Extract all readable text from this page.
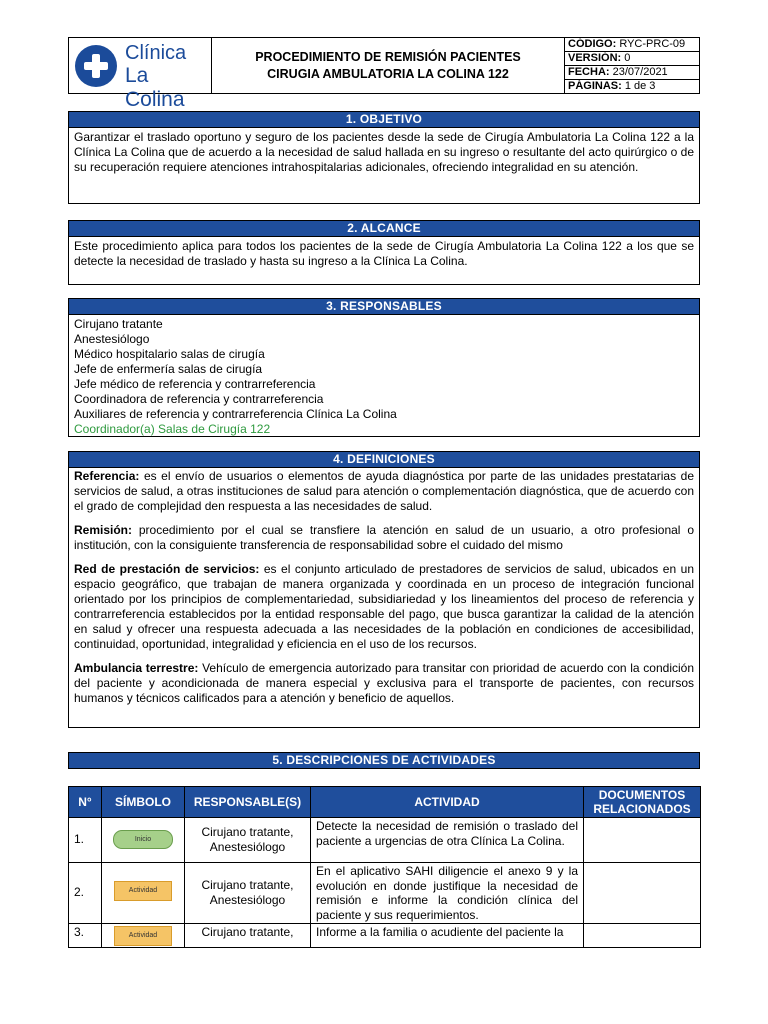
Clínica
La Colina
PROCEDIMIENTO DE REMISIÓN PACIENTES
CIRUGIA AMBULATORIA LA COLINA 122
CÓDIGO: RYC-PRC-09
VERSIÓN: 0
FECHA: 23/07/2021
PÁGINAS: 1 de 3
1. OBJETIVO
Garantizar el traslado oportuno y seguro de los pacientes desde la sede de Cirugía Ambulatoria La Colina 122 a la Clínica La Colina que de acuerdo a la necesidad de salud hallada en su ingreso o resultante del acto quirúrgico o de su recuperación requiere atenciones intrahospitalarias adicionales, ofreciendo integralidad en su atención.
2. ALCANCE
Este procedimiento aplica para todos los pacientes de la sede de Cirugía Ambulatoria La Colina 122 a los que se detecte la necesidad de traslado y hasta su ingreso a la Clínica La Colina.
3. RESPONSABLES
Cirujano tratante
Anestesiólogo
Médico hospitalario salas de cirugía
Jefe de enfermería salas de cirugía
Jefe médico de referencia y contrarreferencia
Coordinadora de referencia y contrarreferencia
Auxiliares de referencia y contrarreferencia Clínica La Colina
Coordinador(a) Salas de Cirugía 122
4. DEFINICIONES

Referencia: es el envío de usuarios o elementos de ayuda diagnóstica por parte de las unidades prestatarias de servicios de salud, a otras instituciones de salud para atención o complementación diagnóstica, que de acuerdo con el grado de complejidad den respuesta a las necesidades de salud.

Remisión: procedimiento por el cual se transfiere la atención en salud de un usuario, a otro profesional o institución, con la consiguiente transferencia de responsabilidad sobre el cuidado del mismo

Red de prestación de servicios: es el conjunto articulado de prestadores de servicios de salud, ubicados en un espacio geográfico, que trabajan de manera organizada y coordinada en un proceso de integración funcional orientado por los principios de complementariedad, subsidiariedad y los lineamientos del proceso de referencia y contrarreferencia establecidos por la entidad responsable del pago, que busca garantizar la calidad de la atención en salud y ofrecer una respuesta adecuada a las necesidades de la población en condiciones de accesibilidad, continuidad, oportunidad, integralidad y eficiencia en el uso de los recursos.

Ambulancia terrestre: Vehículo de emergencia autorizado para transitar con prioridad de acuerdo con la condición del paciente y acondicionada de manera especial y exclusiva para el transporte de pacientes, con recursos humanos y técnicos calificados para a atención y beneficio de aquellos.

5. DESCRIPCIONES DE ACTIVIDADES
N°	SÍMBOLO	RESPONSABLE(S)	ACTIVIDAD	DOCUMENTOS RELACIONADOS
1.	Inicio	Cirujano tratante, Anestesiólogo	Detecte la necesidad de remisión o traslado del paciente a urgencias de otra Clínica La Colina.	
2.	Actividad	Cirujano tratante, Anestesiólogo	En el aplicativo SAHI diligencie el anexo 9 y la evolución en donde justifique la necesidad de remisión e informe la condición clínica del paciente y sus requerimientos.	
3.	Actividad	Cirujano tratante,	Informe a la familia o acudiente del paciente la	
